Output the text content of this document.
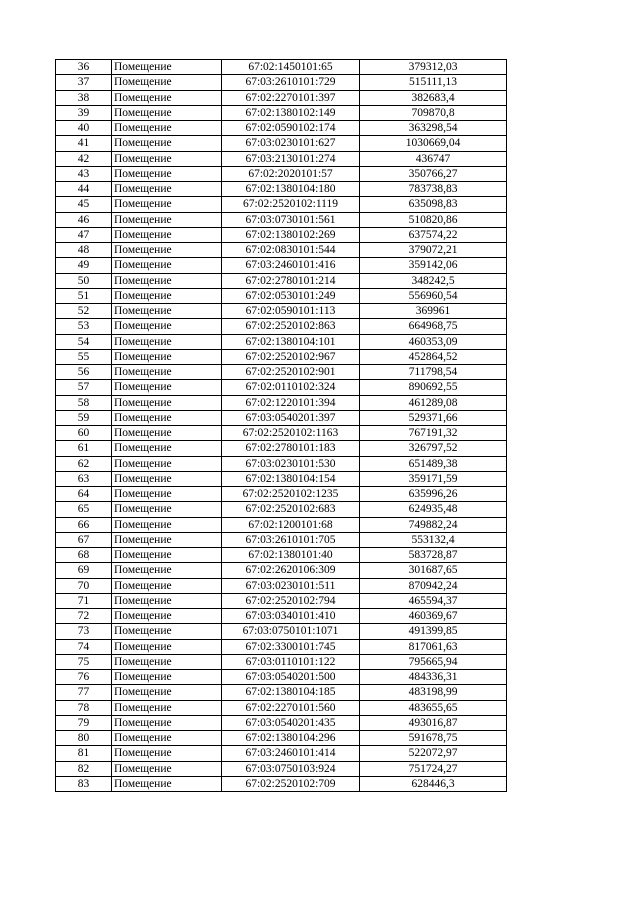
36	Помещение	67:02:1450101:65	379312,03
37	Помещение	67:03:2610101:729	515111,13
38	Помещение	67:02:2270101:397	382683,4
39	Помещение	67:02:1380102:149	709870,8
40	Помещение	67:02:0590102:174	363298,54
41	Помещение	67:03:0230101:627	1030669,04
42	Помещение	67:03:2130101:274	436747
43	Помещение	67:02:2020101:57	350766,27
44	Помещение	67:02:1380104:180	783738,83
45	Помещение	67:02:2520102:1119	635098,83
46	Помещение	67:03:0730101:561	510820,86
47	Помещение	67:02:1380102:269	637574,22
48	Помещение	67:02:0830101:544	379072,21
49	Помещение	67:03:2460101:416	359142,06
50	Помещение	67:02:2780101:214	348242,5
51	Помещение	67:02:0530101:249	556960,54
52	Помещение	67:02:0590101:113	369961
53	Помещение	67:02:2520102:863	664968,75
54	Помещение	67:02:1380104:101	460353,09
55	Помещение	67:02:2520102:967	452864,52
56	Помещение	67:02:2520102:901	711798,54
57	Помещение	67:02:0110102:324	890692,55
58	Помещение	67:02:1220101:394	461289,08
59	Помещение	67:03:0540201:397	529371,66
60	Помещение	67:02:2520102:1163	767191,32
61	Помещение	67:02:2780101:183	326797,52
62	Помещение	67:03:0230101:530	651489,38
63	Помещение	67:02:1380104:154	359171,59
64	Помещение	67:02:2520102:1235	635996,26
65	Помещение	67:02:2520102:683	624935,48
66	Помещение	67:02:1200101:68	749882,24
67	Помещение	67:03:2610101:705	553132,4
68	Помещение	67:02:1380101:40	583728,87
69	Помещение	67:02:2620106:309	301687,65
70	Помещение	67:03:0230101:511	870942,24
71	Помещение	67:02:2520102:794	465594,37
72	Помещение	67:03:0340101:410	460369,67
73	Помещение	67:03:0750101:1071	491399,85
74	Помещение	67:02:3300101:745	817061,63
75	Помещение	67:03:0110101:122	795665,94
76	Помещение	67:03:0540201:500	484336,31
77	Помещение	67:02:1380104:185	483198,99
78	Помещение	67:02:2270101:560	483655,65
79	Помещение	67:03:0540201:435	493016,87
80	Помещение	67:02:1380104:296	591678,75
81	Помещение	67:03:2460101:414	522072,97
82	Помещение	67:03:0750103:924	751724,27
83	Помещение	67:02:2520102:709	628446,3
